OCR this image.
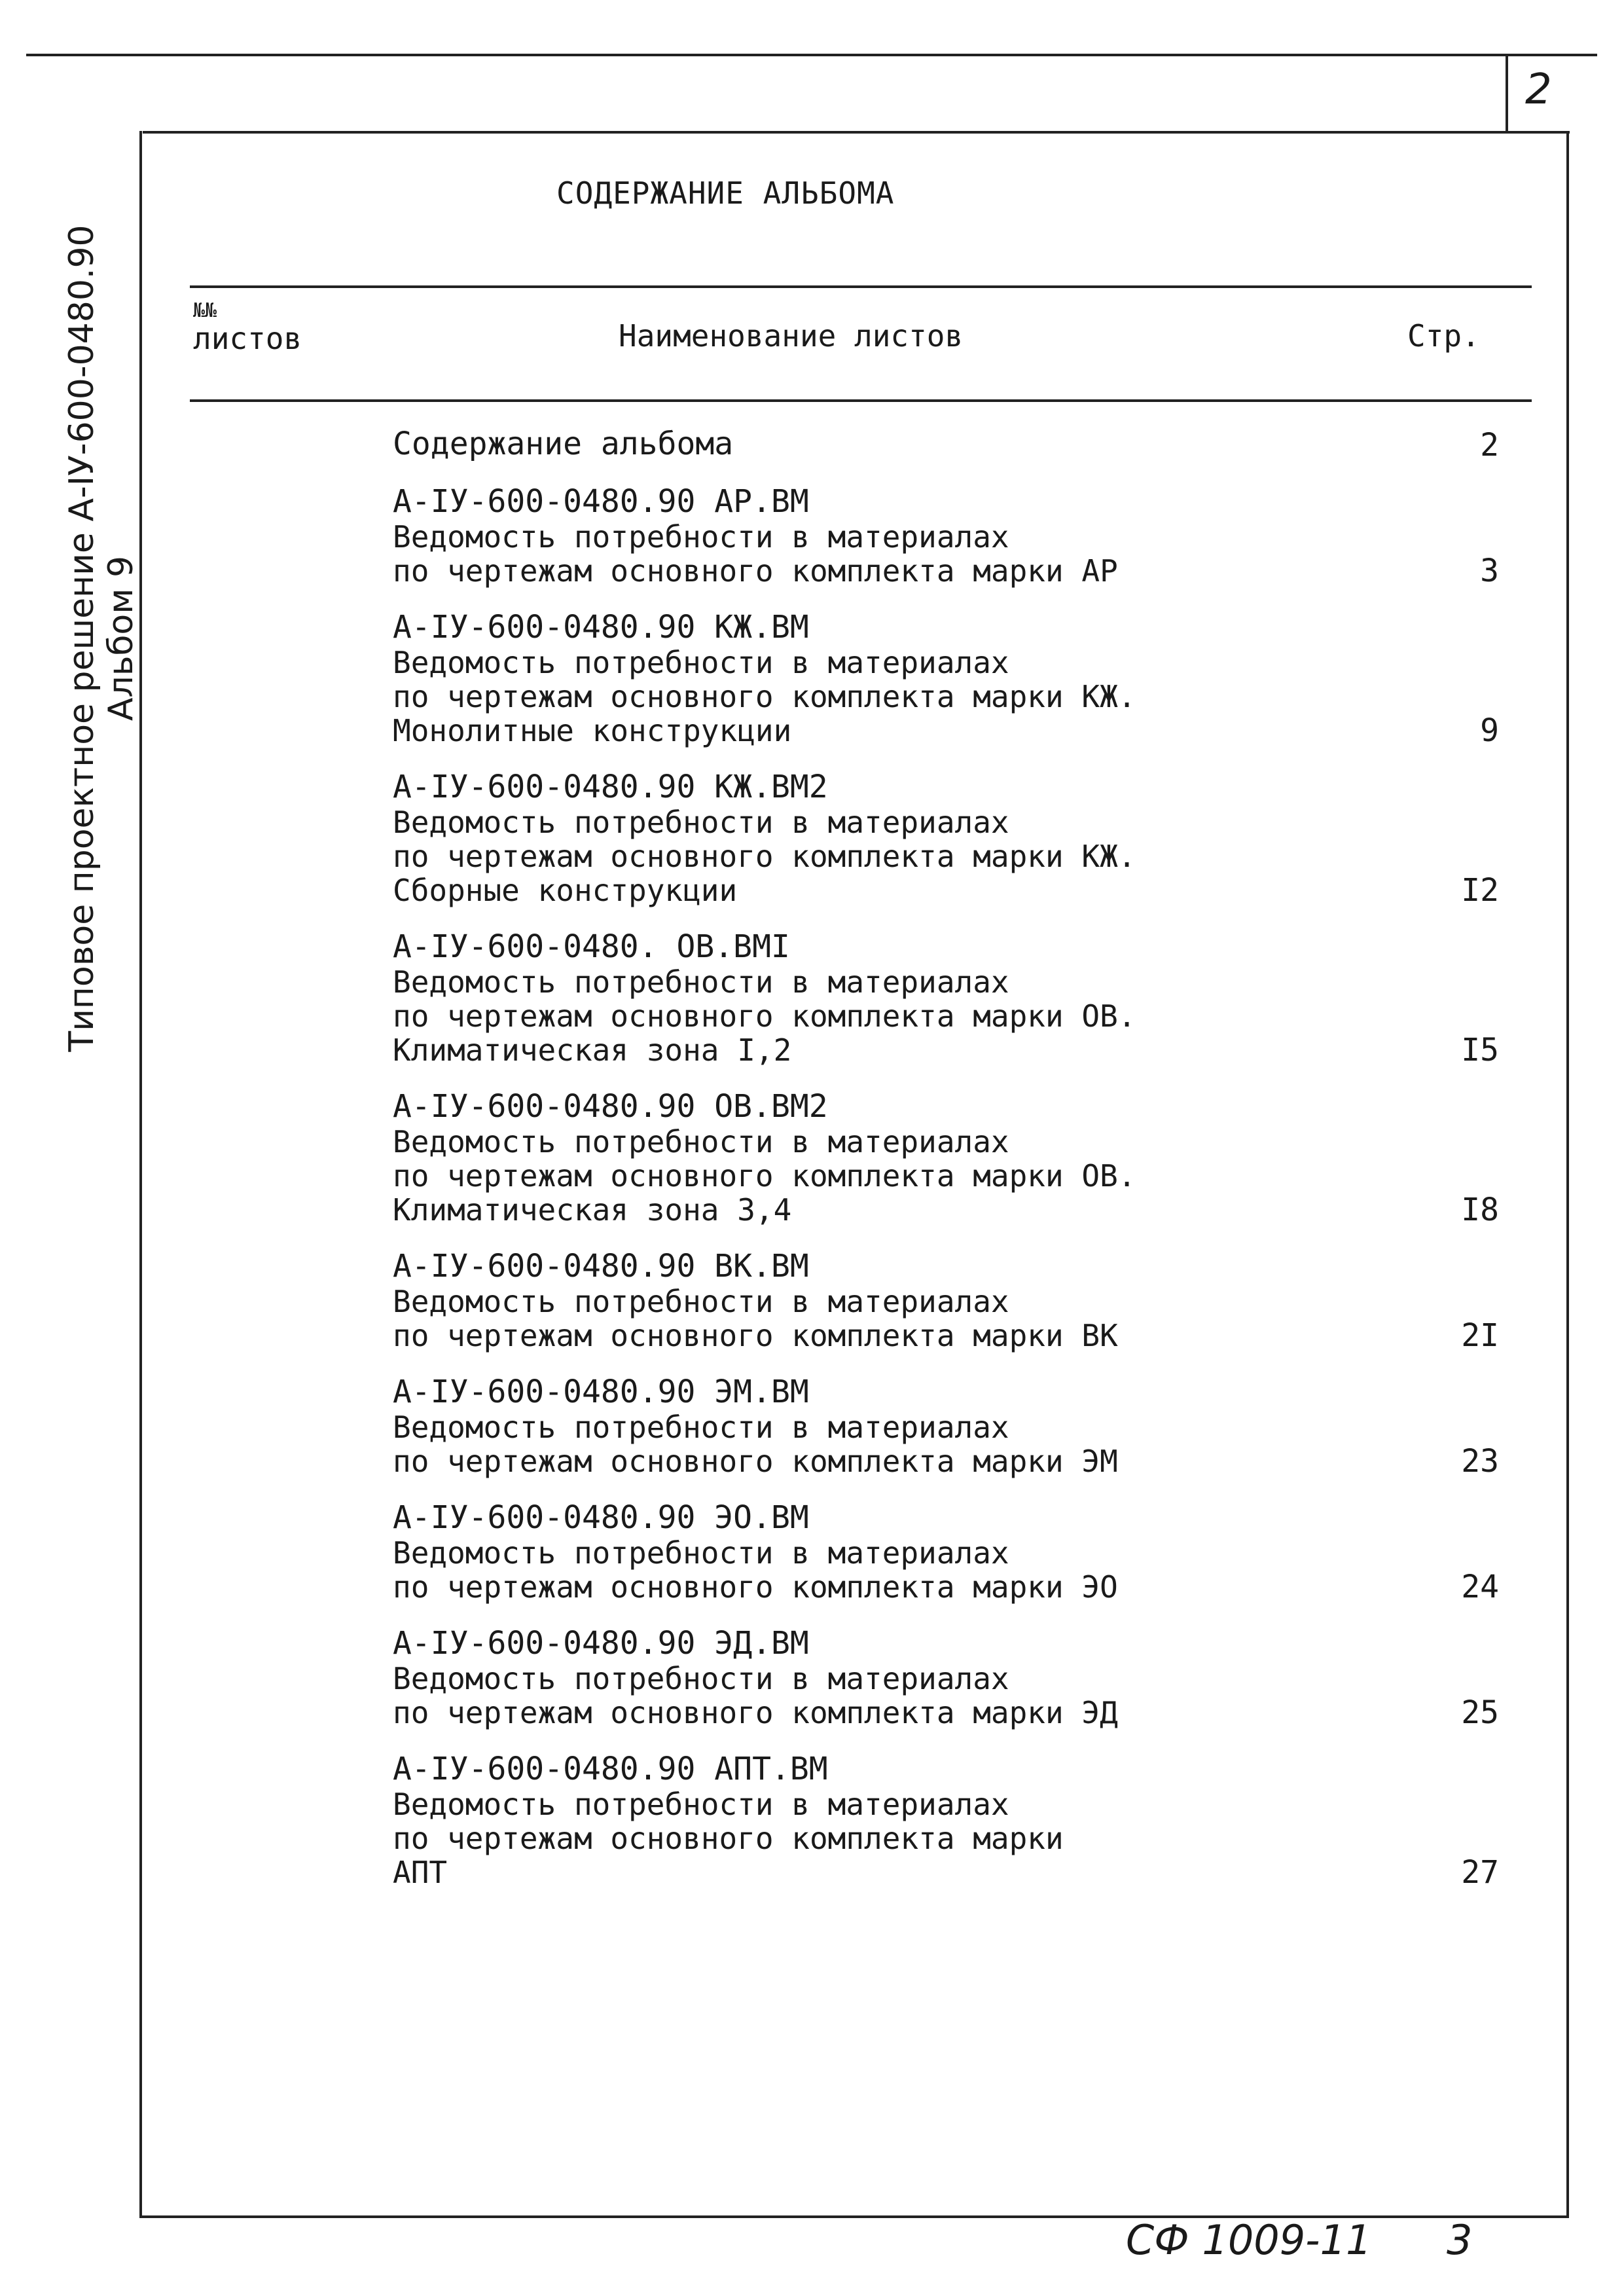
2
СОДЕРЖАНИЕ АЛЬБОМА
№№
листов	Наименование листов	Стр.
Содержание альбома	2
А-IУ-600-0480.90 АР.ВМ
Ведомость потребности в материалах
по чертежам основного комплекта марки АР	3
А-IУ-600-0480.90 КЖ.ВМ
Ведомость потребности в материалах
по чертежам основного комплекта марки КЖ.
Монолитные конструкции	9
А-IУ-600-0480.90 КЖ.ВМ2
Ведомость потребности в материалах
по чертежам основного комплекта марки КЖ.
Сборные конструкции	I2
А-IУ-600-0480. ОВ.ВМI
Ведомость потребности в материалах
по чертежам основного комплекта марки ОВ.
Климатическая зона I,2	I5
А-IУ-600-0480.90 ОВ.ВМ2
Ведомость потребности в материалах
по чертежам основного комплекта марки ОВ.
Климатическая зона 3,4	I8
А-IУ-600-0480.90 ВК.ВМ
Ведомость потребности в материалах
по чертежам основного комплекта марки ВК	2I
А-IУ-600-0480.90 ЭМ.ВМ
Ведомость потребности в материалах
по чертежам основного комплекта марки ЭМ	23
А-IУ-600-0480.90 ЭО.ВМ
Ведомость потребности в материалах
по чертежам основного комплекта марки ЭО	24
А-IУ-600-0480.90 ЭД.ВМ
Ведомость потребности в материалах
по чертежам основного комплекта марки ЭД	25
А-IУ-600-0480.90 АПТ.ВМ
Ведомость потребности в материалах
по чертежам основного комплекта марки
АПТ	27
Типовое проектное решение А-IУ-600-0480.90 Альбом 9
СФ 1009-11 3
